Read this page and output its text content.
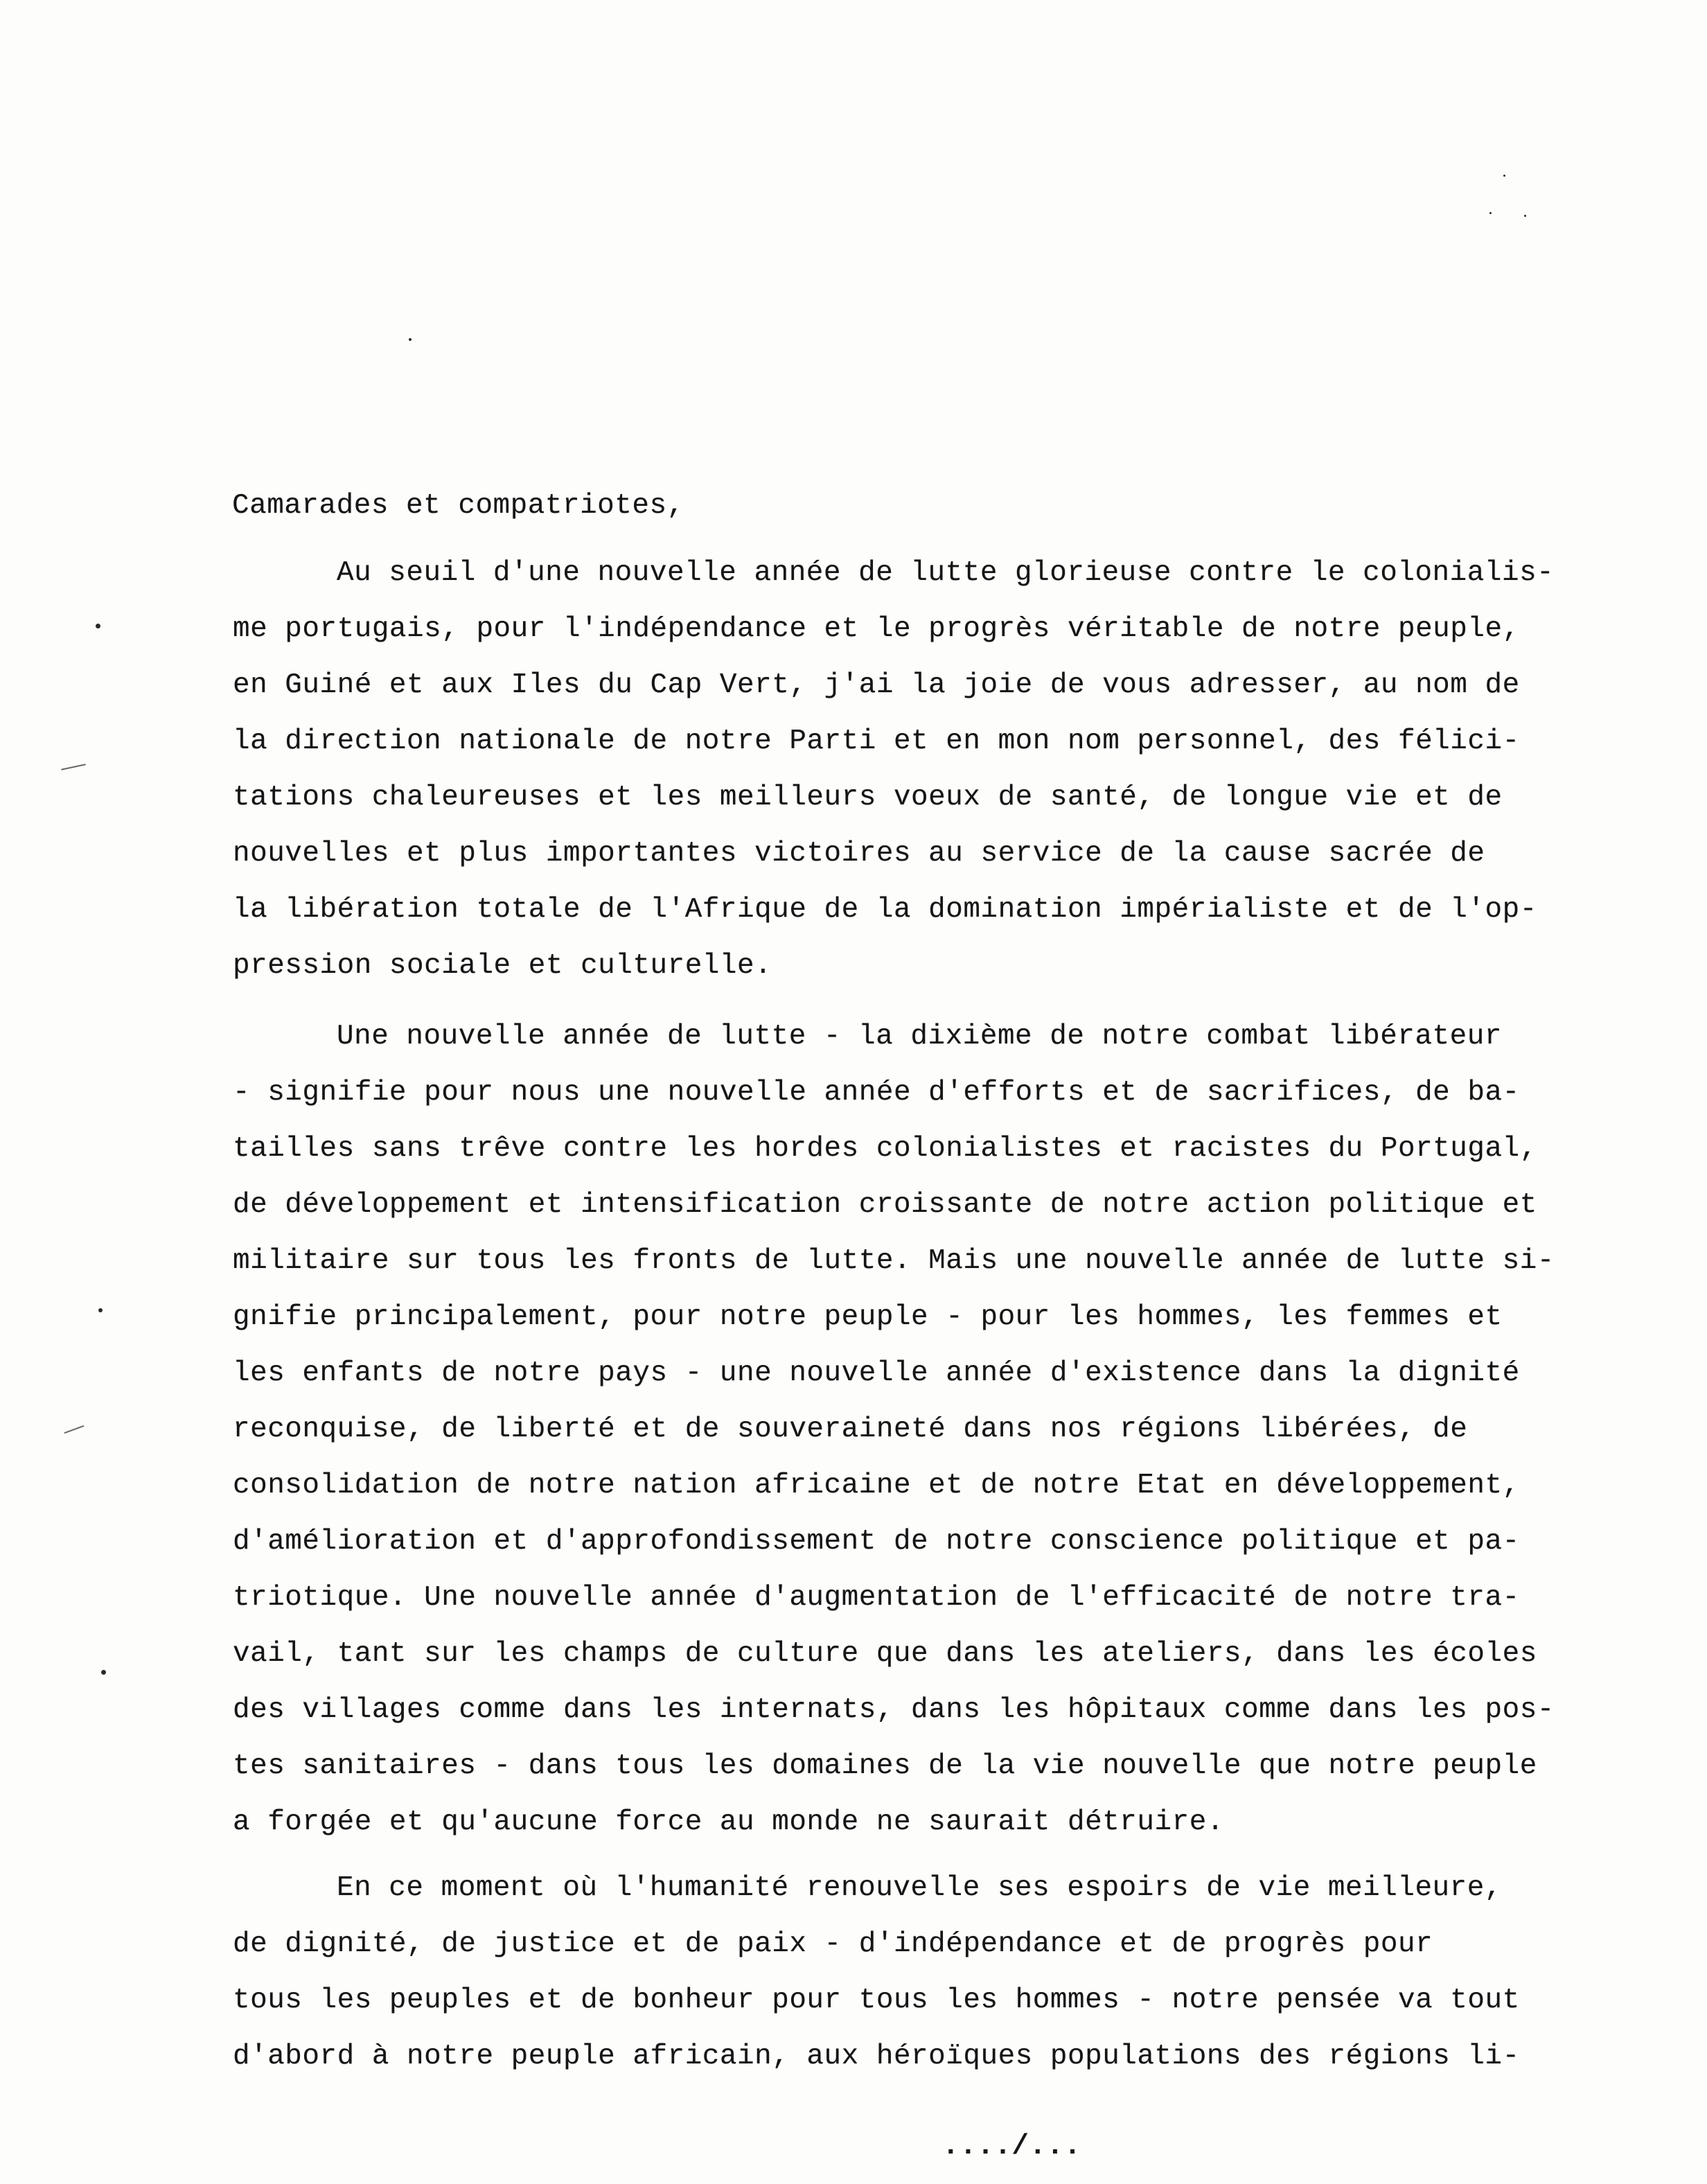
Camarades et compatriotes,
Au seuil d'une nouvelle année de lutte glorieuse contre le colonialis-
me portugais, pour l'indépendance et le progrès véritable de notre peuple,
en Guiné et aux Iles du Cap Vert, j'ai la joie de vous adresser, au nom de
la direction nationale de notre Parti et en mon nom personnel, des félici-
tations chaleureuses et les meilleurs voeux de santé, de longue vie et de
nouvelles et plus importantes victoires au service de la cause sacrée de
la libération totale de l'Afrique de la domination impérialiste et de l'op-
pression sociale et culturelle.
Une nouvelle année de lutte - la dixième de notre combat libérateur
- signifie pour nous une nouvelle année d'efforts et de sacrifices, de ba-
tailles sans trêve contre les hordes colonialistes et racistes du Portugal,
de développement et intensification croissante de notre action politique et
militaire sur tous les fronts de lutte. Mais une nouvelle année de lutte si-
gnifie principalement, pour notre peuple - pour les hommes, les femmes et
les enfants de notre pays - une nouvelle année d'existence dans la dignité
reconquise, de liberté et de souveraineté dans nos régions libérées, de
consolidation de notre nation africaine et de notre Etat en développement,
d'amélioration et d'approfondissement de notre conscience politique et pa-
triotique. Une nouvelle année d'augmentation de l'efficacité de notre tra-
vail, tant sur les champs de culture que dans les ateliers, dans les écoles
des villages comme dans les internats, dans les hôpitaux comme dans les pos-
tes sanitaires - dans tous les domaines de la vie nouvelle que notre peuple
a forgée et qu'aucune force au monde ne saurait détruire.
En ce moment où l'humanité renouvelle ses espoirs de vie meilleure,
de dignité, de justice et de paix - d'indépendance et de progrès pour
tous les peuples et de bonheur pour tous les hommes - notre pensée va tout
d'abord à notre peuple africain, aux héroïques populations des régions li-
..../...
